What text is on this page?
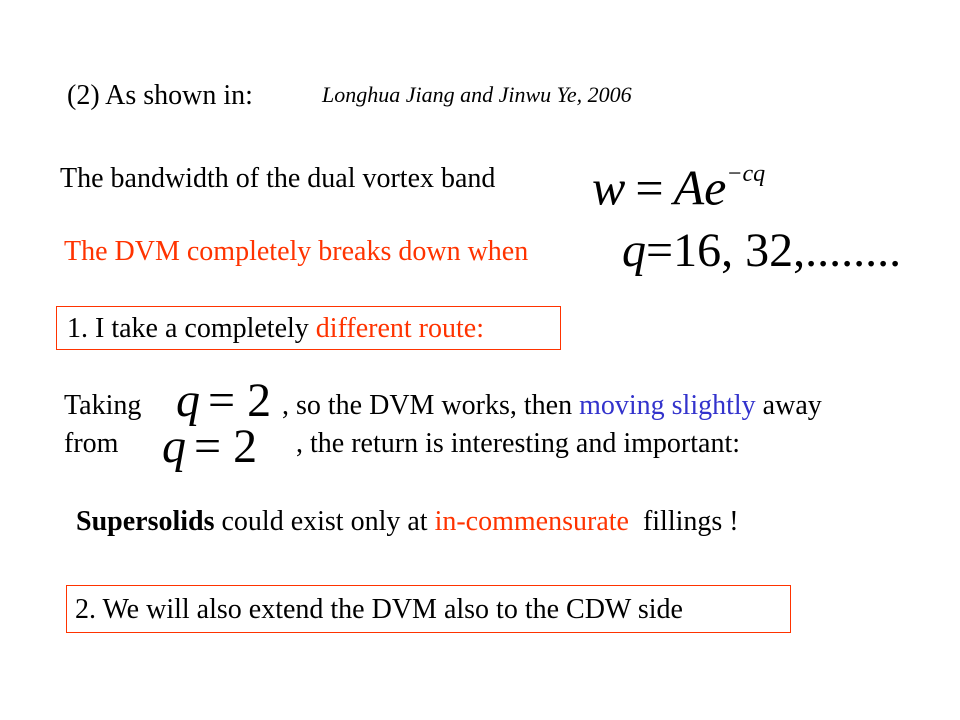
(2) As shown in:	Longhua Jiang and Jinwu Ye, 2006
The bandwidth of the dual vortex band $w = Ae^{-cq}$
The DVM completely breaks down when q=16, 32,........
1. I take a completely different route:
Taking q = 2 , so the DVM works, then moving slightly away
from q = 2 , the return is interesting and important:
Supersolids could exist only at in-commensurate  fillings !
2. We will also extend the DVM also to the CDW side
